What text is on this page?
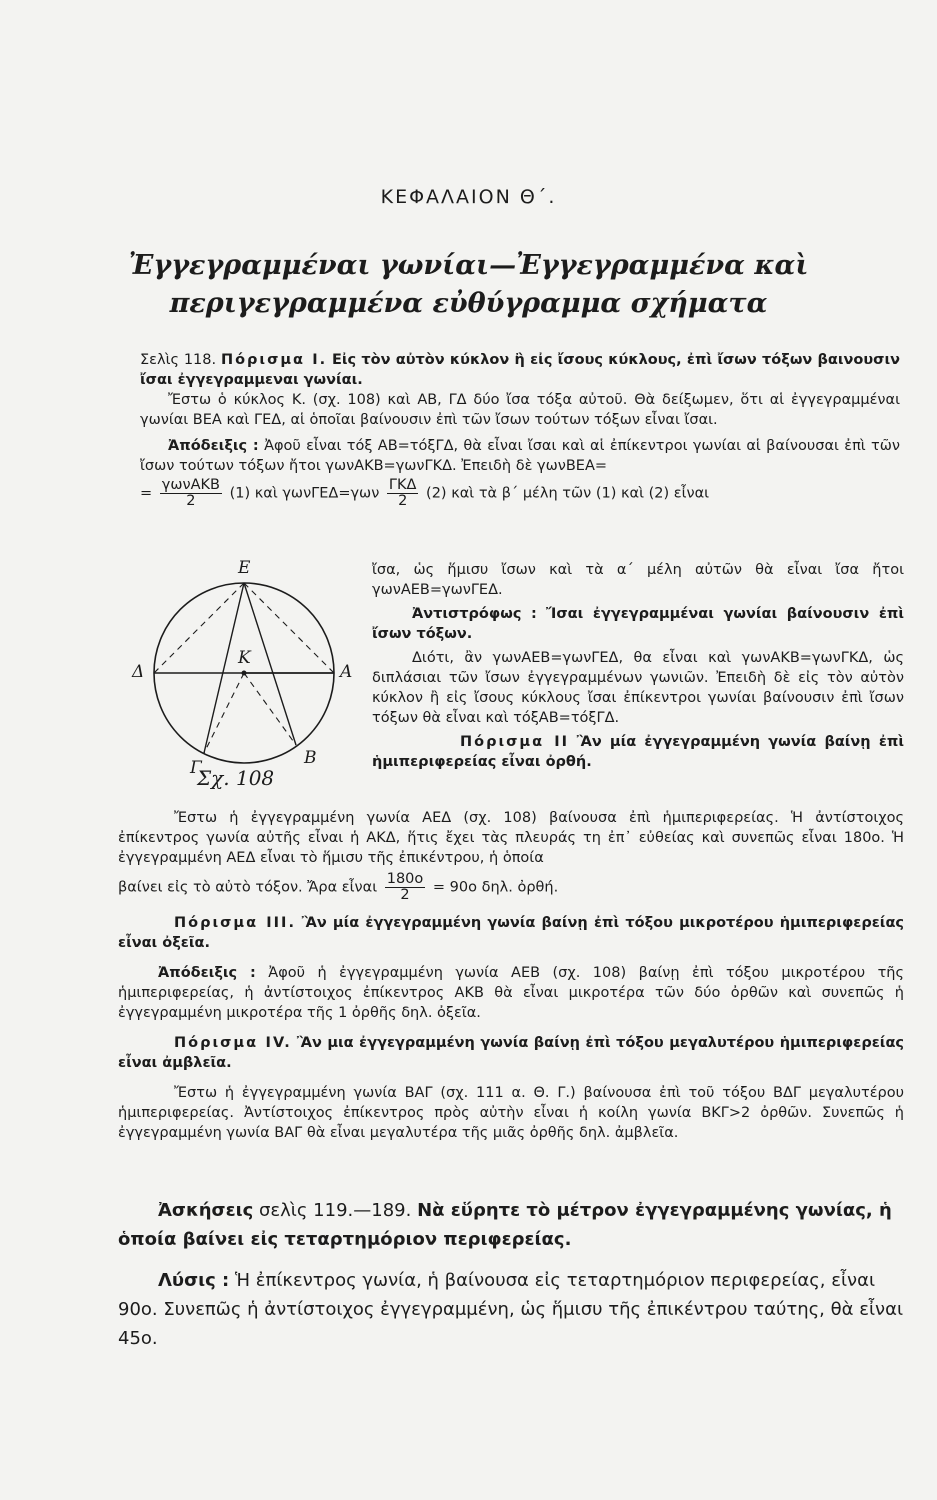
ΚΕΦΑΛΑΙΟΝ Θ΄.
Ἐγγεγραμμέναι γωνίαι—Ἐγγεγραμμένα καὶ
περιγεγραμμένα εὐθύγραμμα σχήματα

Σελὶς 118. Πόρισμα Ι. Εἰς τὸν αὐτὸν κύκλον ἢ εἰς ἴσους κύκλους, ἐπὶ ἴσων τόξων βαινουσιν ἴσαι ἐγγεγραμμεναι γωνίαι.

Ἔστω ὁ κύκλος Κ. (σχ. 108) καὶ ΑΒ, ΓΔ δύο ἴσα τόξα αὐτοῦ. Θὰ δείξωμεν, ὅτι αἱ ἐγγεγραμμέναι γωνίαι ΒΕΑ καὶ ΓΕΔ, αἱ ὁποῖαι βαίνουσιν ἐπὶ τῶν ἴσων τούτων τόξων εἶναι ἴσαι.

Ἀπόδειξις : Ἀφοῦ εἶναι τόξ ΑΒ=τόξΓΔ, θὰ εἶναι ἴσαι καὶ αἱ ἐπίκεντροι γωνίαι αἱ βαίνουσαι ἐπὶ τῶν ἴσων τούτων τόξων ἤτοι γωνΑΚΒ=γωνΓΚΔ. Ἐπειδὴ δὲ γωνΒΕΑ=

= $\frac{\text{γωνΑΚΒ}}{2} (1)$ καὶ $\gamma\omega\nu\Gamma E\Delta=\gamma\omega\nu \frac{\text{ΓΚΔ}}{2} (2)$ καὶ τὰ β΄ μέλη τῶν (1) καὶ (2) εἶναι

Ε
Α
Δ
Κ
Γ	Β
Σχ. 108

ἴσα, ὡς ἥμισυ ἴσων καὶ τὰ α΄ μέλη αὐτῶν θὰ εἶναι ἴσα ἤτοι γωνΑΕΒ=γωνΓΕΔ.

Ἀντιστρόφως : Ἴσαι ἐγγεγραμμέναι γωνίαι βαίνουσιν ἐπὶ ἴσων τόξων.

Διότι, ἂν γωνΑΕΒ=γωνΓΕΔ, θα εἶναι καὶ γωνΑΚΒ=γωνΓΚΔ, ὡς διπλάσιαι τῶν ἴσων ἐγγεγραμμένων γωνιῶν. Ἐπειδὴ δὲ εἰς τὸν αὐτὸν κύκλον ἢ εἰς ἴσους κύκλους ἴσαι ἐπίκεντροι γωνίαι βαίνουσιν ἐπὶ ἴσων τόξων θὰ εἶναι καὶ τόξΑΒ=τόξΓΔ.

Πόρισμα ΙΙ Ἂν μία ἐγγεγραμμένη γωνία βαίνῃ ἐπὶ ἡμιπεριφερείας εἶναι ὀρθή.

Ἔστω ἡ ἐγγεγραμμένη γωνία ΑΕΔ (σχ. 108) βαίνουσα ἐπὶ ἡμιπεριφερείας. Ἡ ἀντίστοιχος ἐπίκεντρος γωνία αὐτῆς εἶναι ἡ ΑΚΔ, ἥτις ἔχει τὰς πλευράς τη ἐπ᾽ εὐθείας καὶ συνεπῶς εἶναι 180ο. Ἡ ἐγγεγραμμένη ΑΕΔ εἶναι τὸ ἥμισυ τῆς ἐπικέντρου, ἡ ὁποία

βαίνει εἰς τὸ αὐτὸ τόξον. Ἄρα εἶναι $\frac{180o}{2} = 90o$ δηλ. ὀρθή.

Πόρισμα ΙΙΙ. Ἂν μία ἐγγεγραμμένη γωνία βαίνῃ ἐπὶ τόξου μικροτέρου ἡμιπεριφερείας εἶναι ὀξεῖα.

Ἀπόδειξις : Ἀφοῦ ἡ ἐγγεγραμμένη γωνία ΑΕΒ (σχ. 108) βαίνῃ ἐπὶ τόξου μικροτέρου τῆς ἡμιπεριφερείας, ἡ ἀντίστοιχος ἐπίκεντρος ΑΚΒ θὰ εἶναι μικροτέρα τῶν δύο ὀρθῶν καὶ συνεπῶς ἡ ἐγγεγραμμένη μικροτέρα τῆς 1 ὀρθῆς δηλ. ὀξεῖα.

Πόρισμα ΙV. Ἂν μια ἐγγεγραμμένη γωνία βαίνῃ ἐπὶ τόξου μεγαλυτέρου ἡμιπεριφερείας εἶναι ἀμβλεῖα.

Ἔστω ἡ ἐγγεγραμμένη γωνία ΒΑΓ (σχ. 111 α. Θ. Γ.) βαίνουσα ἐπὶ τοῦ τόξου ΒΔΓ μεγαλυτέρου ἡμιπεριφερείας. Ἀντίστοιχος ἐπίκεντρος πρὸς αὐτὴν εἶναι ἡ κοίλη γωνία ΒΚΓ>2 ὀρθῶν. Συνεπῶς ἡ ἐγγεγραμμένη γωνία ΒΑΓ θὰ εἶναι μεγαλυτέρα τῆς μιᾶς ὀρθῆς δηλ. ἀμβλεῖα.

Ἀσκήσεις σελὶς 119.—189. Νὰ εὕρητε τὸ μέτρον ἐγγεγραμμένης γωνίας, ἡ ὁποία βαίνει εἰς τεταρτημόριον περιφερείας.

Λύσις : Ἡ ἐπίκεντρος γωνία, ἡ βαίνουσα εἰς τεταρτημόριον περιφερείας, εἶναι 90ο. Συνεπῶς ἡ ἀντίστοιχος ἐγγεγραμμένη, ὡς ἥμισυ τῆς ἐπικέντρου ταύτης, θὰ εἶναι 45ο.
